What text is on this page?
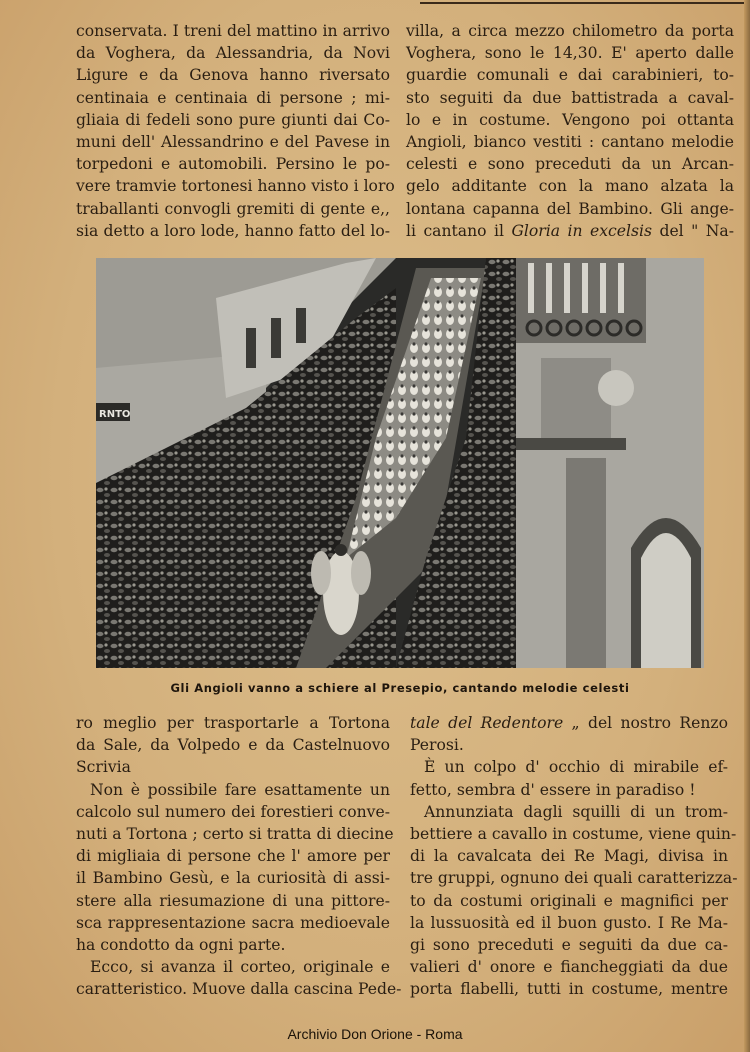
conservata. I treni del mattino in arrivo
da Voghera, da Alessandria, da Novi
Ligure e da Genova hanno riversato
centinaia e centinaia di persone ; mi-
gliaia di fedeli sono pure giunti dai Co-
muni dell' Alessandrino e del Pavese in
torpedoni e automobili. Persino le po-
vere tramvie tortonesi hanno visto i loro
traballanti convogli gremiti di gente e,,
sia detto a loro lode, hanno fatto del lo-
villa, a circa mezzo chilometro da porta
Voghera, sono le 14,30. E' aperto dalle
guardie comunali e dai carabinieri, to-
sto seguiti da due battistrada a caval-
lo e in costume. Vengono poi ottanta
Angioli, bianco vestiti : cantano melodie
celesti e sono preceduti da un Arcan-
gelo additante con la mano alzata la
lontana capanna del Bambino. Gli ange-
li cantano il Gloria in excelsis del " Na-
RNTO
Gli Angioli vanno a schiere al Presepio, cantando melodie celesti
ro meglio per trasportarle a Tortona
da Sale, da Volpedo e da Castelnuovo
Scrivia
Non è possibile fare esattamente un
calcolo sul numero dei forestieri conve-
nuti a Tortona ; certo si tratta di diecine
di migliaia di persone che l' amore per
il Bambino Gesù, e la curiosità di assi-
stere alla riesumazione di una pittore-
sca rappresentazione sacra medioevale
ha condotto da ogni parte.
Ecco, si avanza il corteo, originale e
caratteristico. Muove dalla cascina Pede-
tale del Redentore „ del nostro Renzo
Perosi.
È un colpo d' occhio di mirabile ef-
fetto, sembra d' essere in paradiso !
Annunziata dagli squilli di un trom-
bettiere a cavallo in costume, viene quin-
di la cavalcata dei Re Magi, divisa in
tre gruppi, ognuno dei quali caratterizza-
to da costumi originali e magnifici per
la lussuosità ed il buon gusto. I Re Ma-
gi sono preceduti e seguiti da due ca-
valieri d' onore e fiancheggiati da due
porta flabelli, tutti in costume, mentre
Archivio Don Orione - Roma
